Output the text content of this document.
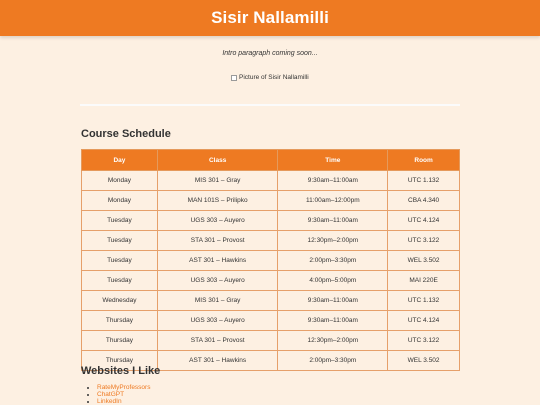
Sisir Nallamilli
Intro paragraph coming soon...
Picture of Sisir Nallamilli
Course Schedule
Day	Class	Time	Room
Monday	MIS 301 – Gray	9:30am–11:00am	UTC 1.132
Monday	MAN 101S – Prilipko	11:00am–12:00pm	CBA 4.340
Tuesday	UGS 303 – Auyero	9:30am–11:00am	UTC 4.124
Tuesday	STA 301 – Provost	12:30pm–2:00pm	UTC 3.122
Tuesday	AST 301 – Hawkins	2:00pm–3:30pm	WEL 3.502
Tuesday	UGS 303 – Auyero	4:00pm–5:00pm	MAI 220E
Wednesday	MIS 301 – Gray	9:30am–11:00am	UTC 1.132
Thursday	UGS 303 – Auyero	9:30am–11:00am	UTC 4.124
Thursday	STA 301 – Provost	12:30pm–2:00pm	UTC 3.122
Thursday	AST 301 – Hawkins	2:00pm–3:30pm	WEL 3.502
Websites I Like
• RateMyProfessors
• ChatGPT
• LinkedIn
